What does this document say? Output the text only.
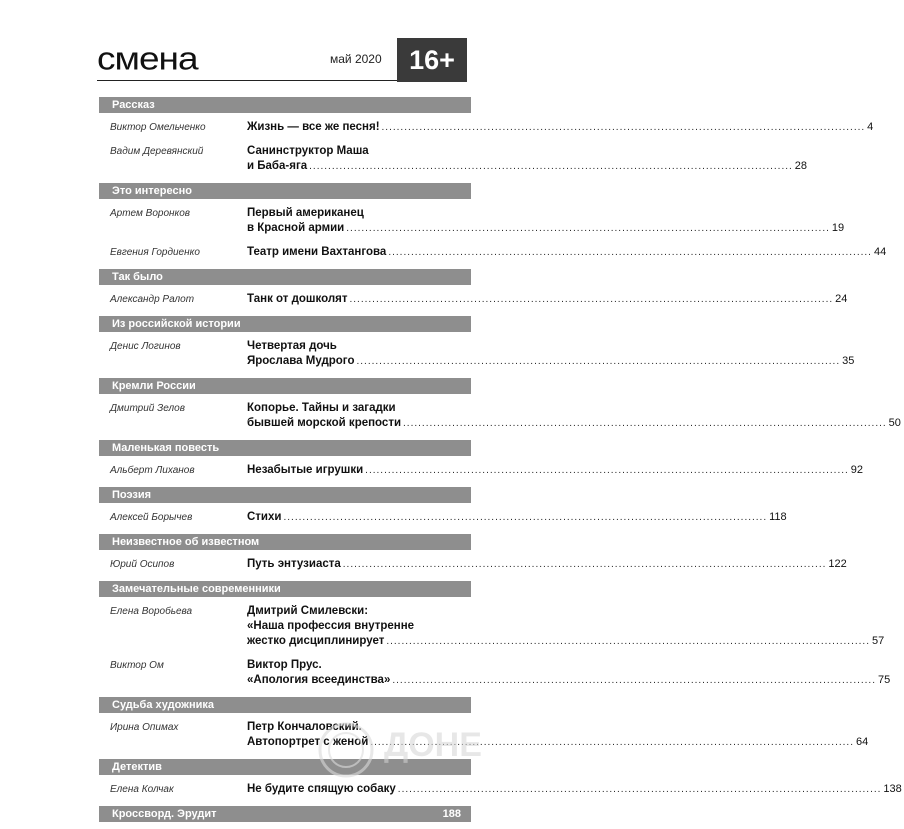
смена	май 2020	16+
Рассказ
Виктор Омельченко	Жизнь — все же песня! .....	4
Вадим Деревянский	Санинструктор Маша
и Баба-яга .....	28
Это интересно
Артем Воронков	Первый американец
в Красной армии .....	19
Евгения Гордиенко	Театр имени Вахтангова .....	44
Так было
Александр Ралот	Танк от дошколят .....	24
Из российской истории
Денис Логинов	Четвертая дочь
Ярослава Мудрого .....	35
Кремли России
Дмитрий Зелов	Копорье. Тайны и загадки
бывшей морской крепости .....	50
Маленькая повесть
Альберт Лиханов	Незабытые игрушки .....	92
Поэзия
Алексей Борычев	Стихи .....	118
Неизвестное об известном
Юрий Осипов	Путь энтузиаста .....	122
Замечательные современники
Елена Воробьева	Дмитрий Смилевски:
«Наша профессия внутренне
жестко дисциплинирует .....	57
Виктор Ом	Виктор Прус.
«Апология всеединства» .....	75
Судьба художника
Ирина Опимах	Петр Кончаловский.
Автопортрет с женой .....	64
Детектив
Елена Колчак	Не будите спящую собаку .....	138
Кроссворд. Эрудит	188
ДОНЕ
